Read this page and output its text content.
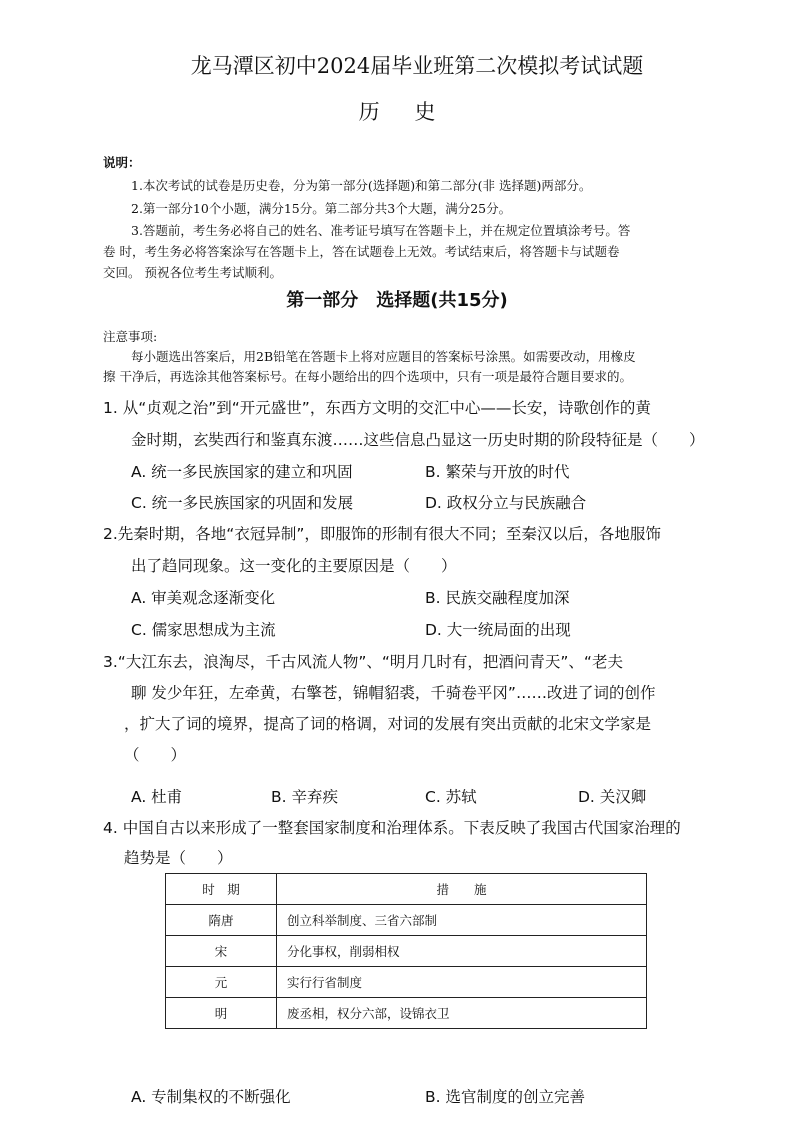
龙马潭区初中2024届毕业班第二次模拟考试试题
历 史
说明：
1.本次考试的试卷是历史卷，分为第一部分(选择题)和第二部分(非 选择题)两部分。
2.第一部分10个小题，满分15分。第二部分共3个大题，满分25分。
3.答题前，考生务必将自己的姓名、准考证号填写在答题卡上，并在规定位置填涂考号。答
卷 时，考生务必将答案涂写在答题卡上，答在试题卷上无效。考试结束后，将答题卡与试题卷
交回。 预祝各位考生考试顺利。
第一部分　选择题(共15分)
注意事项:
每小题选出答案后，用2B铅笔在答题卡上将对应题目的答案标号涂黑。如需要改动，用橡皮
擦 干净后，再选涂其他答案标号。在每小题给出的四个选项中，只有一项是最符合题目要求的。
1. 从“贞观之治”到“开元盛世”，东西方文明的交汇中心——长安，诗歌创作的黄
金时期，玄奘西行和鉴真东渡……这些信息凸显这一历史时期的阶段特征是（　　）
A. 统一多民族国家的建立和巩固	B. 繁荣与开放的时代
C. 统一多民族国家的巩固和发展	D. 政权分立与民族融合
2.先秦时期，各地“衣冠异制”，即服饰的形制有很大不同；至秦汉以后，各地服饰
出了趋同现象。这一变化的主要原因是（　　）
A. 审美观念逐渐变化	B. 民族交融程度加深
C. 儒家思想成为主流	D. 大一统局面的出现
3.“大江东去，浪淘尽，千古风流人物”、“明月几时有，把酒问青天”、“老夫
聊 发少年狂，左牵黄，右擎苍，锦帽貂裘，千骑卷平冈”……改进了词的创作
，扩大了词的境界，提高了词的格调，对词的发展有突出贡献的北宋文学家是
（　　）
A. 杜甫	B. 辛弃疾	C. 苏轼	D. 关汉卿
4. 中国自古以来形成了一整套国家制度和治理体系。下表反映了我国古代国家治理的
趋势是（　　）
时　期	措　　施
隋唐	创立科举制度、三省六部制
宋	分化事权，削弱相权
元	实行行省制度
明	废丞相，权分六部，设锦衣卫
A. 专制集权的不断强化	B. 选官制度的创立完善
